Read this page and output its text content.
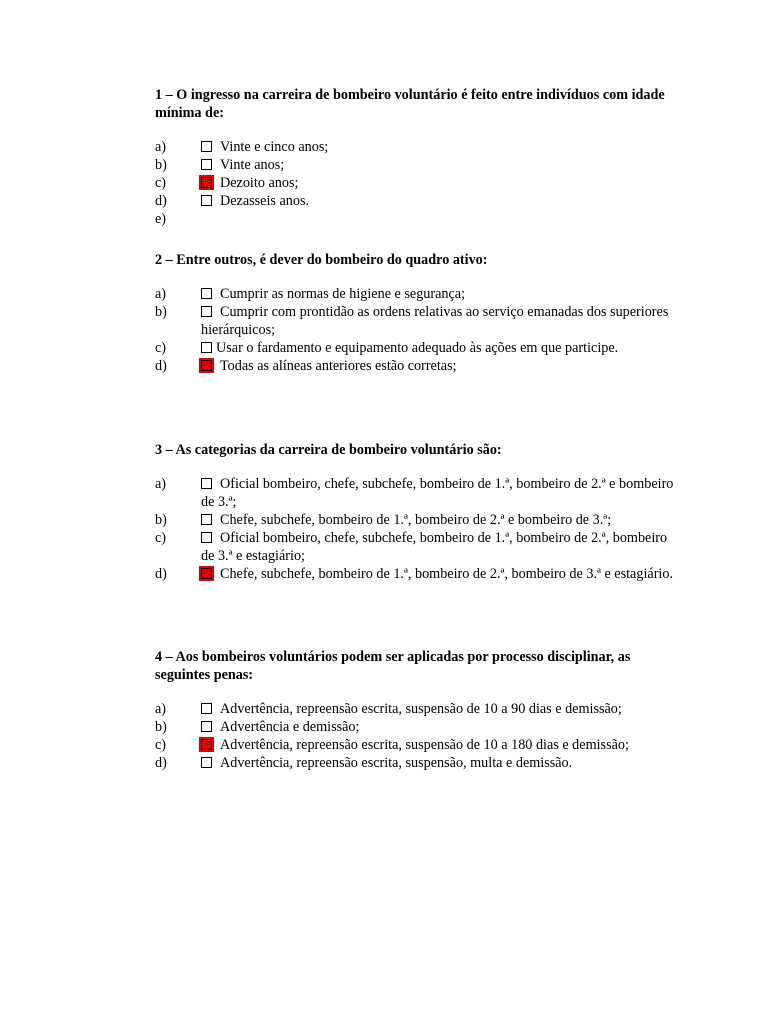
1 – O ingresso na carreira de bombeiro voluntário é feito entre indivíduos com idade mínima de:

a)	Vinte e cinco anos;
b)	Vinte anos;
c)	Dezoito anos;
d)	Dezasseis anos.
e)

2 – Entre outros, é dever do bombeiro do quadro ativo:

a)	Cumprir as normas de higiene e segurança;
b)	Cumprir com prontidão as ordens relativas ao serviço emanadas dos superiores hierárquicos;
c)	Usar o fardamento e equipamento adequado às ações em que participe.
d)	Todas as alíneas anteriores estão corretas;

3 – As categorias da carreira de bombeiro voluntário são:

a)	Oficial bombeiro, chefe, subchefe, bombeiro de 1.ª, bombeiro de 2.ª e bombeiro de 3.ª;
b)	Chefe, subchefe, bombeiro de 1.ª, bombeiro de 2.ª e bombeiro de 3.ª;
c)	Oficial bombeiro, chefe, subchefe, bombeiro de 1.ª, bombeiro de 2.ª, bombeiro de 3.ª e estagiário;
d)	Chefe, subchefe, bombeiro de 1.ª, bombeiro de 2.ª, bombeiro de 3.ª e estagiário.

4 – Aos bombeiros voluntários podem ser aplicadas por processo disciplinar, as seguintes penas:

a)	Advertência, repreensão escrita, suspensão de 10 a 90 dias e demissão;
b)	Advertência e demissão;
c)	Advertência, repreensão escrita, suspensão de 10 a 180 dias e demissão;
d)	Advertência, repreensão escrita, suspensão, multa e demissão.
